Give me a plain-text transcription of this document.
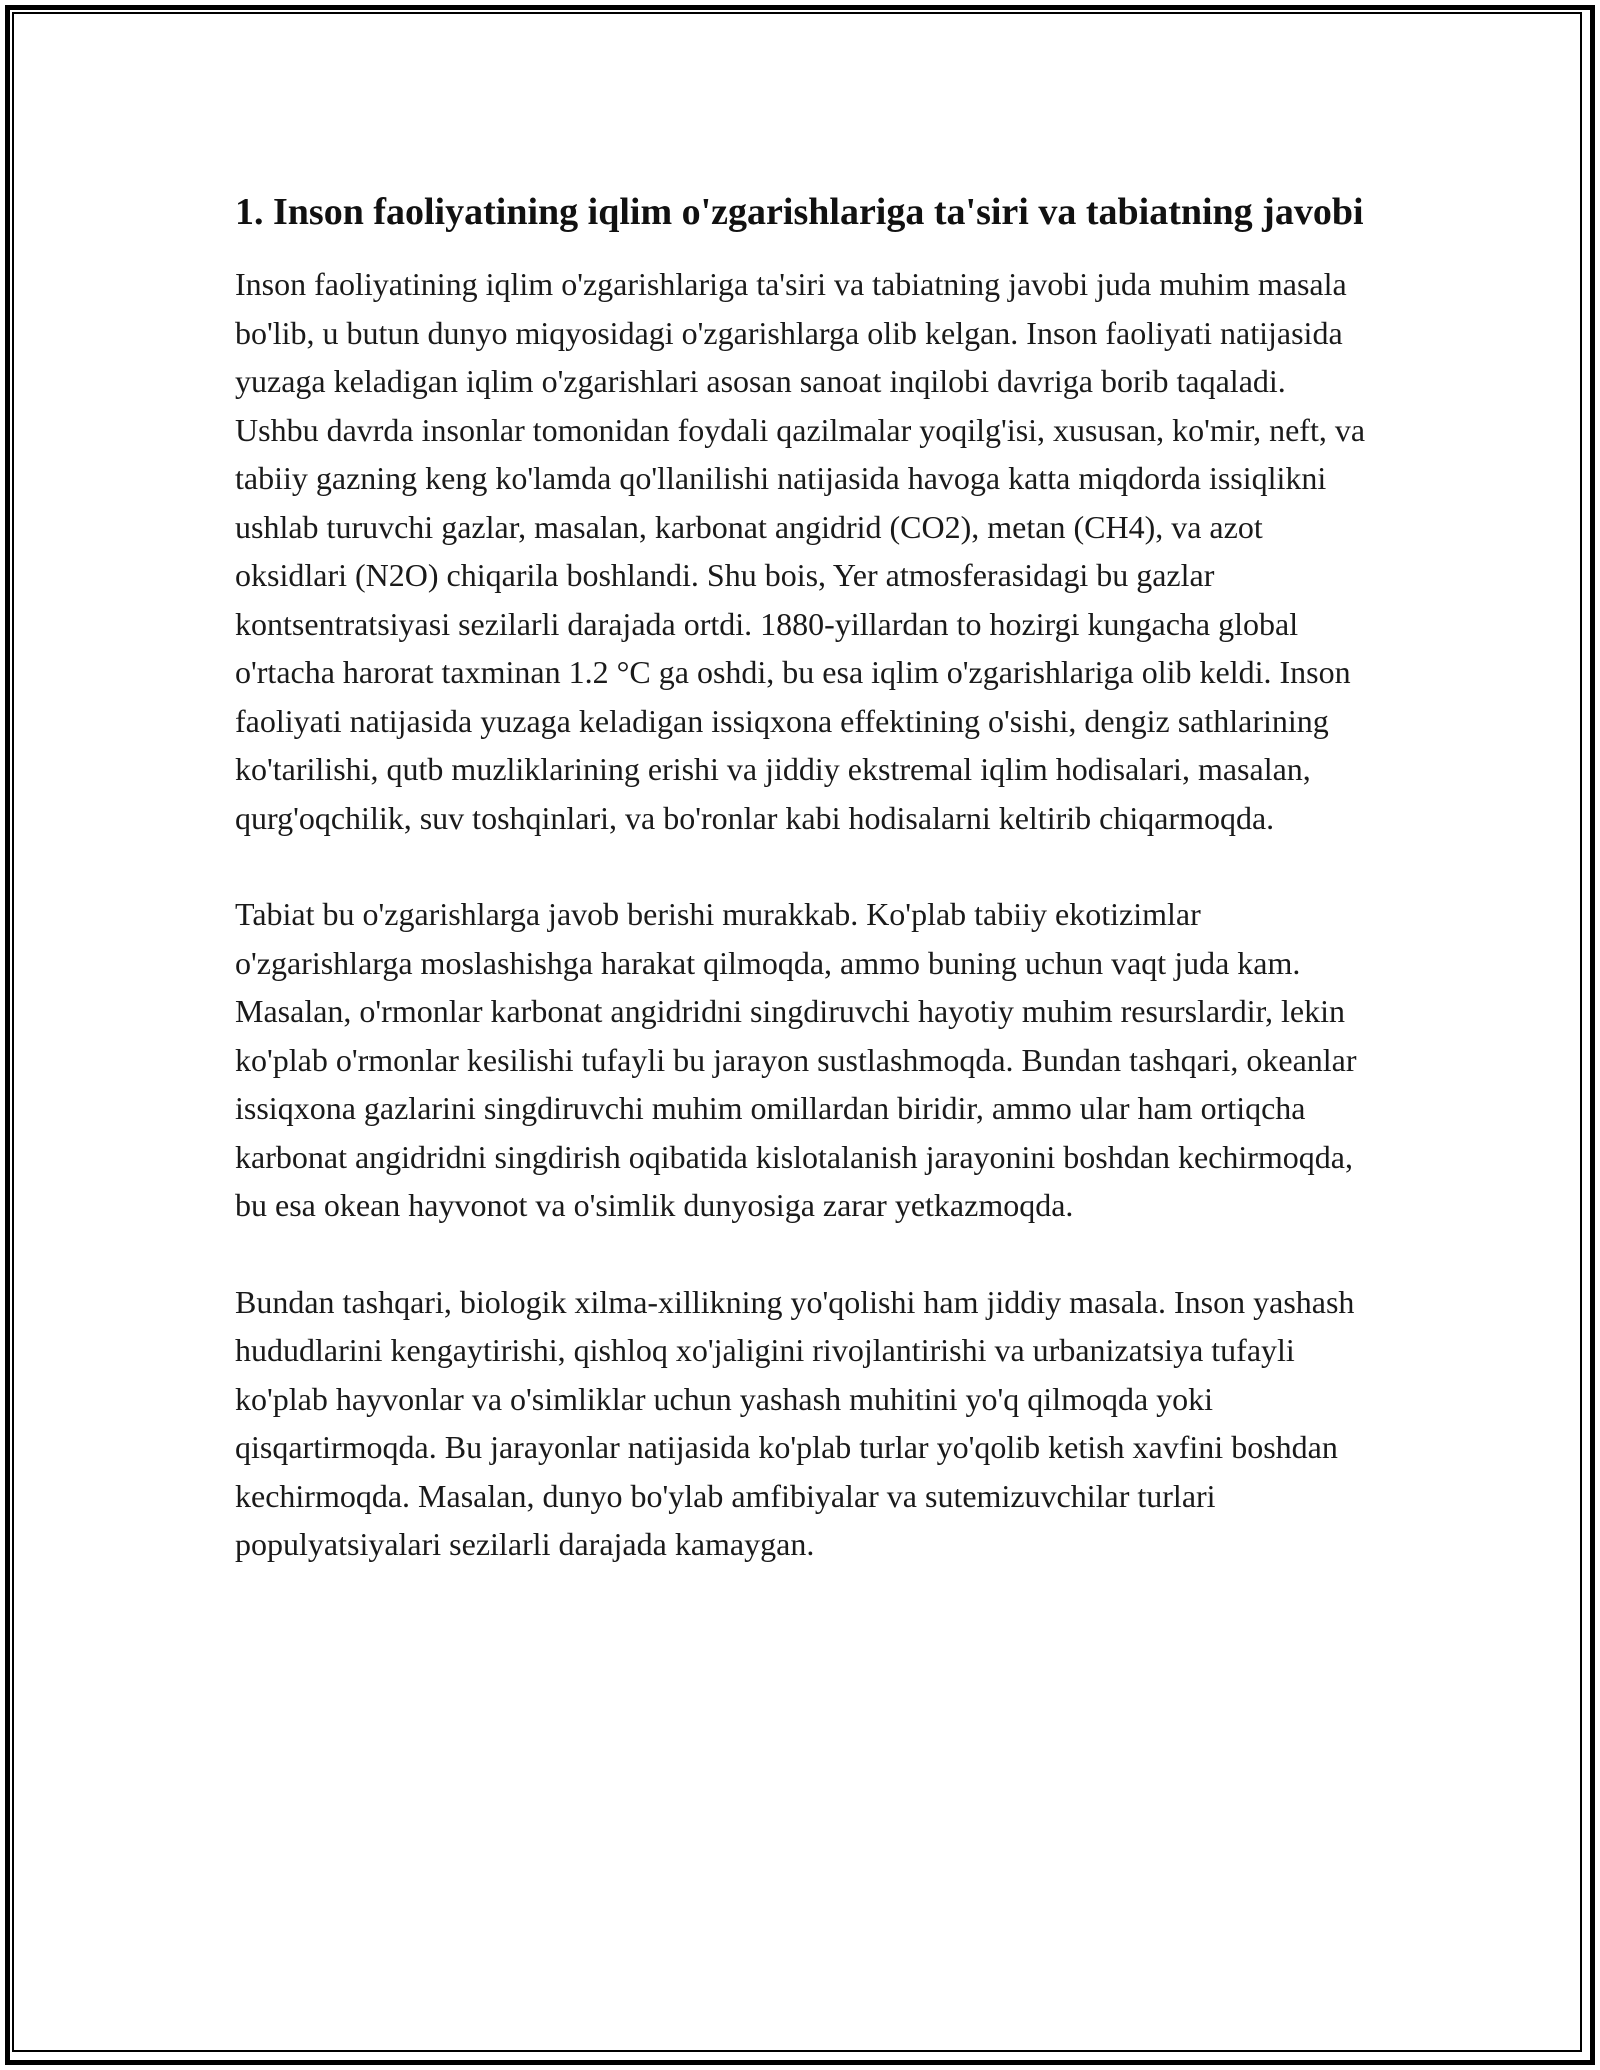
1. Inson faoliyatining iqlim o'zgarishlariga ta'siri va tabiatning javobi

Inson faoliyatining iqlim o'zgarishlariga ta'siri va tabiatning javobi juda muhim masala bo'lib, u butun dunyo miqyosidagi o'zgarishlarga olib kelgan. Inson faoliyati natijasida yuzaga keladigan iqlim o'zgarishlari asosan sanoat inqilobi davriga borib taqaladi. Ushbu davrda insonlar tomonidan foydali qazilmalar yoqilg'isi, xususan, ko'mir, neft, va tabiiy gazning keng ko'lamda qo'llanilishi natijasida havoga katta miqdorda issiqlikni ushlab turuvchi gazlar, masalan, karbonat angidrid (CO2), metan (CH4), va azot oksidlari (N2O) chiqarila boshlandi. Shu bois, Yer atmosferasidagi bu gazlar kontsentratsiyasi sezilarli darajada ortdi. 1880-yillardan to hozirgi kungacha global o'rtacha harorat taxminan 1.2 °C ga oshdi, bu esa iqlim o'zgarishlariga olib keldi. Inson faoliyati natijasida yuzaga keladigan issiqxona effektining o'sishi, dengiz sathlarining ko'tarilishi, qutb muzliklarining erishi va jiddiy ekstremal iqlim hodisalari, masalan, qurg'oqchilik, suv toshqinlari, va bo'ronlar kabi hodisalarni keltirib chiqarmoqda.

Tabiat bu o'zgarishlarga javob berishi murakkab. Ko'plab tabiiy ekotizimlar o'zgarishlarga moslashishga harakat qilmoqda, ammo buning uchun vaqt juda kam. Masalan, o'rmonlar karbonat angidridni singdiruvchi hayotiy muhim resurslardir, lekin ko'plab o'rmonlar kesilishi tufayli bu jarayon sustlashmoqda. Bundan tashqari, okeanlar issiqxona gazlarini singdiruvchi muhim omillardan biridir, ammo ular ham ortiqcha karbonat angidridni singdirish oqibatida kislotalanish jarayonini boshdan kechirmoqda, bu esa okean hayvonot va o'simlik dunyosiga zarar yetkazmoqda.

Bundan tashqari, biologik xilma-xillikning yo'qolishi ham jiddiy masala. Inson yashash hududlarini kengaytirishi, qishloq xo'jaligini rivojlantirishi va urbanizatsiya tufayli ko'plab hayvonlar va o'simliklar uchun yashash muhitini yo'q qilmoqda yoki qisqartirmoqda. Bu jarayonlar natijasida ko'plab turlar yo'qolib ketish xavfini boshdan kechirmoqda. Masalan, dunyo bo'ylab amfibiyalar va sutemizuvchilar turlari populyatsiyalari sezilarli darajada kamaygan.
